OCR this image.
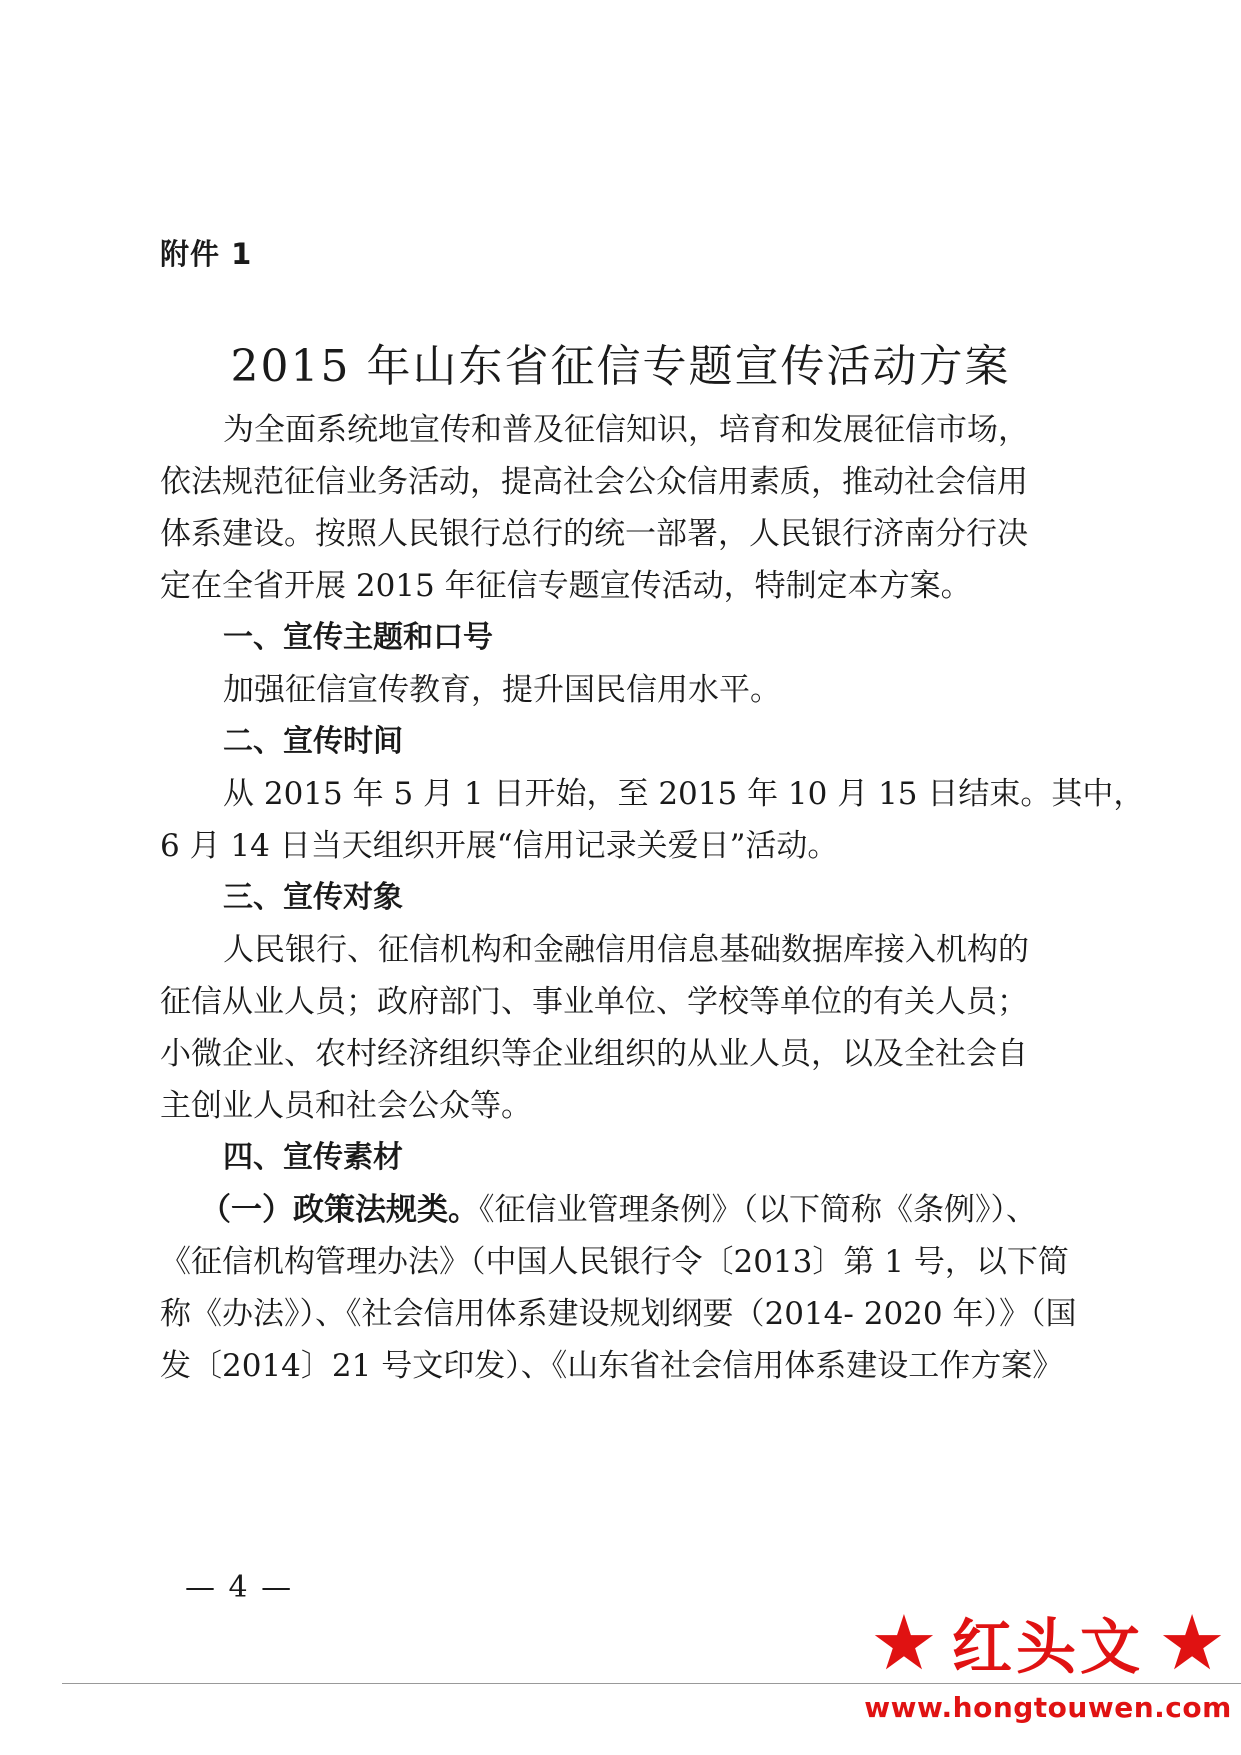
附件 1
2015 年山东省征信专题宣传活动方案
为全面系统地宣传和普及征信知识，培育和发展征信市场，
依法规范征信业务活动，提高社会公众信用素质，推动社会信用
体系建设。按照人民银行总行的统一部署，人民银行济南分行决
定在全省开展 2015 年征信专题宣传活动，特制定本方案。
一、宣传主题和口号
加强征信宣传教育，提升国民信用水平。
二、宣传时间
从 2015 年 5 月 1 日开始，至 2015 年 10 月 15 日结束。其中，
6 月 14 日当天组织开展“信用记录关爱日”活动。
三、宣传对象
人民银行、征信机构和金融信用信息基础数据库接入机构的
征信从业人员；政府部门、事业单位、学校等单位的有关人员；
小微企业、农村经济组织等企业组织的从业人员，以及全社会自
主创业人员和社会公众等。
四、宣传素材
（一）政策法规类。《征信业管理条例》（以下简称《条例》）、
《征信机构管理办法》（中国人民银行令〔2013〕第 1 号，以下简
称《办法》）、《社会信用体系建设规划纲要（2014- 2020 年）》（国
发〔2014〕21 号文印发）、《山东省社会信用体系建设工作方案》
— 4 —
★ 红头文 ★
www.hongtouwen.com
